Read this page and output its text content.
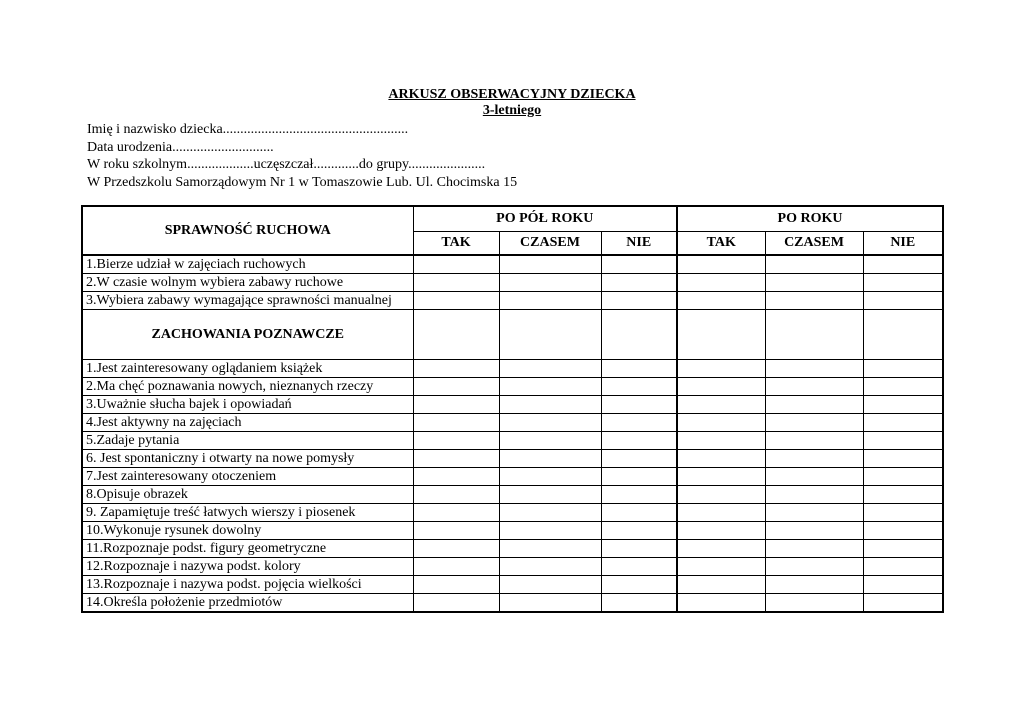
ARKUSZ OBSERWACYJNY DZIECKA

3-letniego

Imię i nazwisko dziecka.....................................................
Data urodzenia.............................
W roku szkolnym...................uczęszczał.............do grupy......................
W Przedszkolu Samorządowym Nr 1 w Tomaszowie Lub. Ul. Chocimska 15
SPRAWNOŚĆ RUCHOWA	PO PÓŁ ROKU			PO ROKU		
	TAK	CZASEM	NIE	TAK	CZASEM	NIE
1.Bierze udział w zajęciach ruchowych						
2.W czasie wolnym wybiera zabawy ruchowe						
3.Wybiera zabawy wymagające sprawności manualnej						
ZACHOWANIA POZNAWCZE						
1.Jest zainteresowany oglądaniem książek						
2.Ma chęć poznawania nowych, nieznanych rzeczy						
3.Uważnie słucha bajek i opowiadań						
4.Jest aktywny na zajęciach						
5.Zadaje pytania						
6. Jest spontaniczny i otwarty na nowe pomysły						
7.Jest zainteresowany otoczeniem						
8.Opisuje obrazek						
9. Zapamiętuje treść łatwych wierszy i piosenek						
10.Wykonuje rysunek dowolny						
11.Rozpoznaje podst. figury geometryczne						
12.Rozpoznaje i nazywa podst. kolory						
13.Rozpoznaje i nazywa podst. pojęcia wielkości						
14.Określa położenie przedmiotów						
